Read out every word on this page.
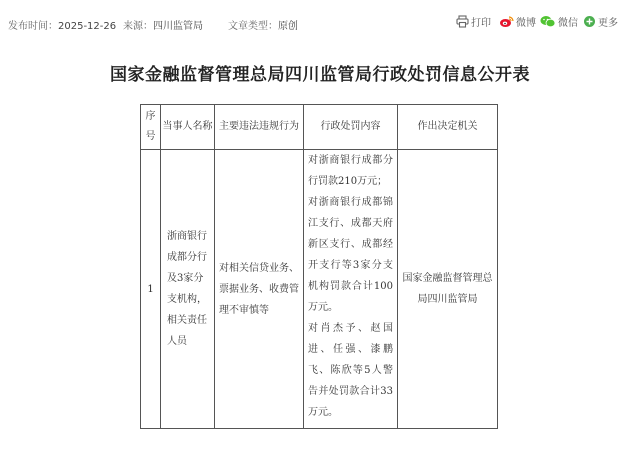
发布时间：2025-12-26 来源：四川监管局	文章类型：原创	打印	微博 微信 更多
国家金融监督管理总局四川监管局行政处罚信息公开表
序号	当事人名称	主要违法违规行为	行政处罚内容	作出决定机关
1	浙商银行成都分行及3家分支机构，相关责任人员	对相关信贷业务、票据业务、收费管理不审慎等	对浙商银行成都分行罚款210万元；
对浙商银行成都锦江支行、成都天府新区支行、成都经开支行等3家分支机构罚款合计100万元。
对肖杰予、赵国进、任强、漆鹏飞、陈欣等5人警告并处罚款合计33万元。	国家金融监督管理总局四川监管局
